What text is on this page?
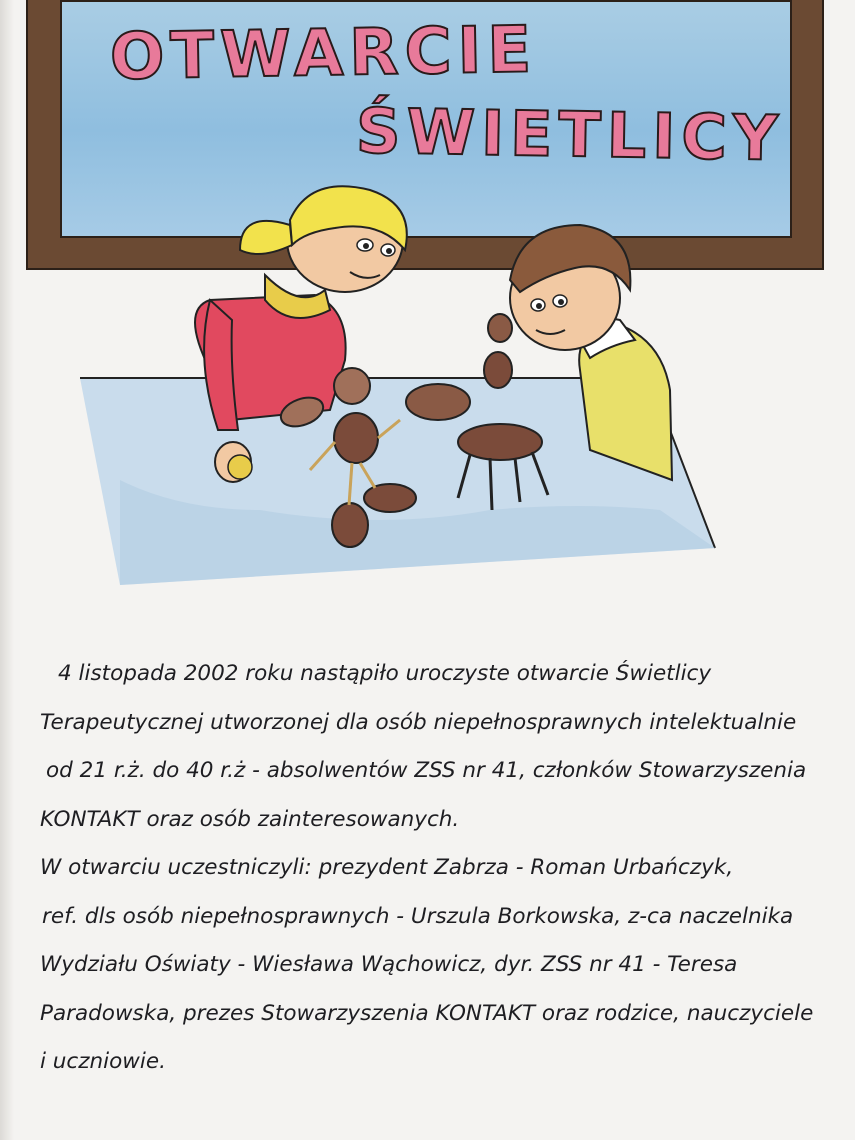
OTWARCIE
ŚWIETLICY
4 listopada 2002 roku nastąpiło uroczyste otwarcie Świetlicy
Terapeutycznej utworzonej dla osób niepełnosprawnych intelektualnie
od 21 r.ż. do 40 r.ż - absolwentów ZSS nr 41, członków Stowarzyszenia
KONTAKT oraz osób zainteresowanych.
W otwarciu uczestniczyli: prezydent Zabrza - Roman Urbańczyk,
ref. dls osób niepełnosprawnych - Urszula Borkowska, z-ca naczelnika
Wydziału Oświaty - Wiesława Wąchowicz, dyr. ZSS nr 41 - Teresa
Paradowska, prezes Stowarzyszenia KONTAKT oraz rodzice, nauczyciele
i uczniowie.
